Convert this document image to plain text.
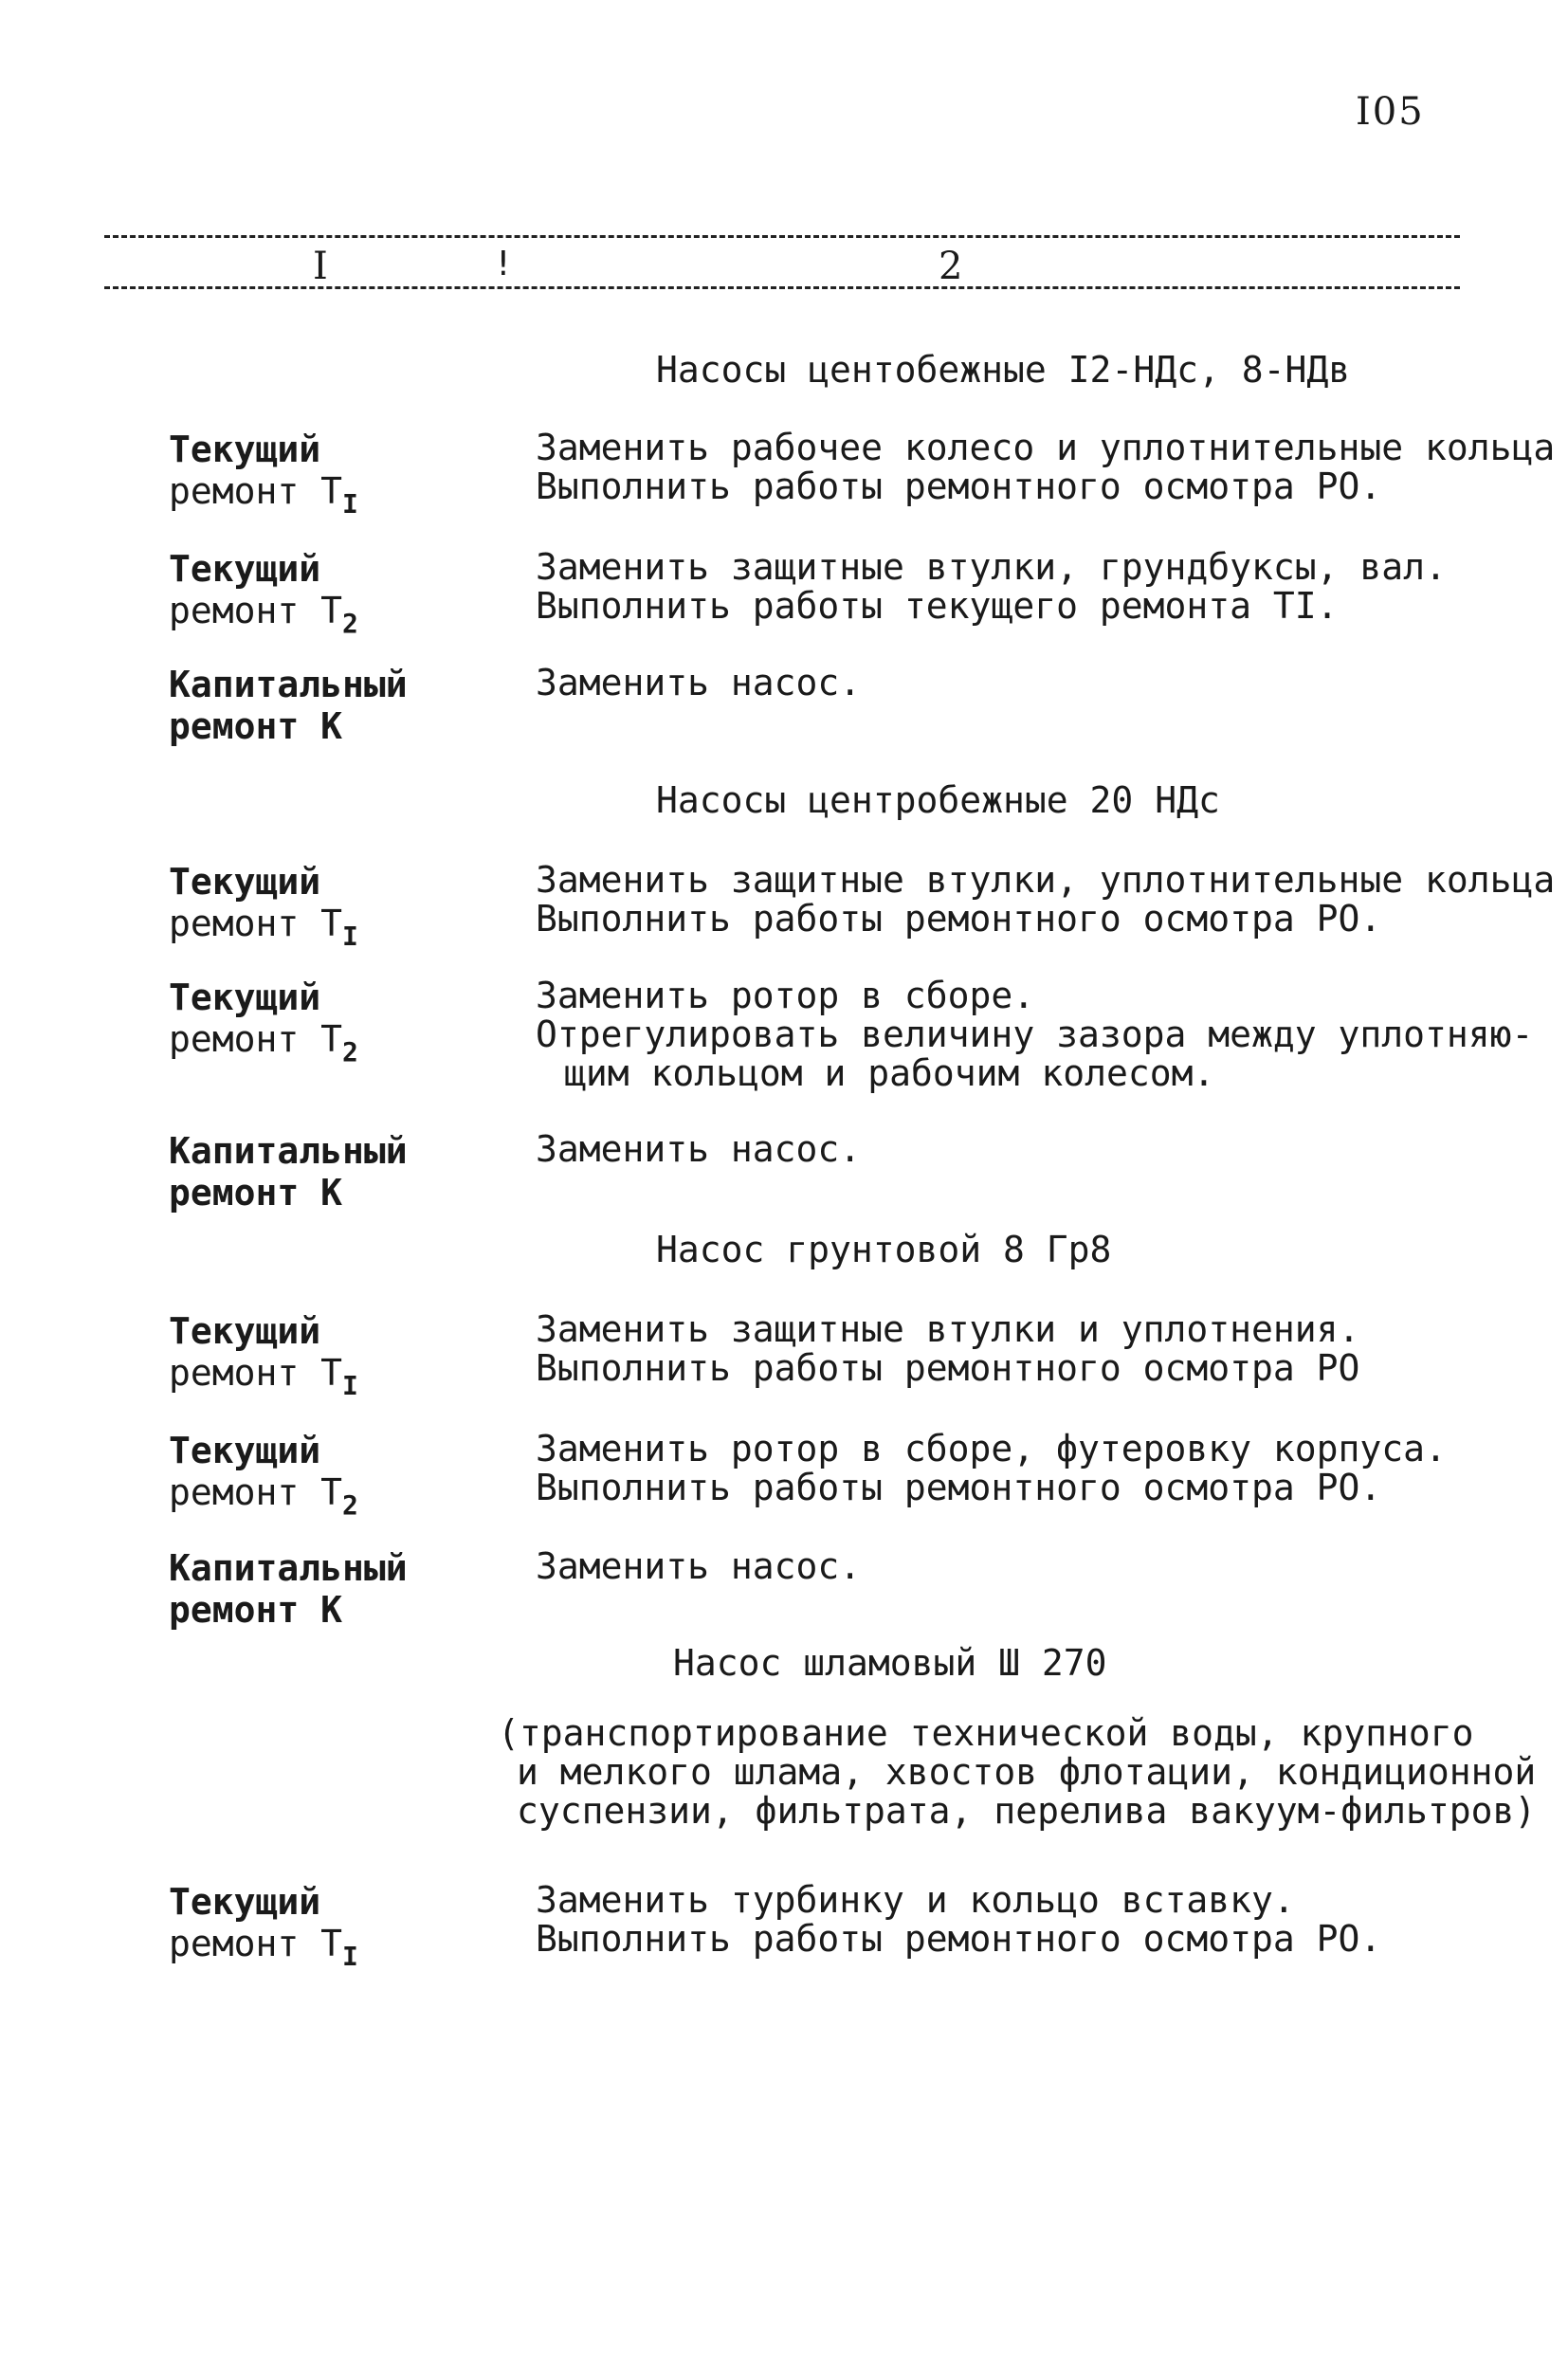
I05
I	!	2
Насосы центобежные I2-НДс, 8-НДв
Текущий
ремонт $Т_I$
Заменить рабочее колесо и уплотнительные кольца
Выполнить работы ремонтного осмотра РО.
Текущий
ремонт $Т_2$
Заменить защитные втулки, грундбуксы, вал.
Выполнить работы текущего ремонта ТI.
Капитальный
ремонт К
Заменить насос.
Насосы центробежные 20 НДс
Текущий
ремонт $Т_I$
Заменить защитные втулки, уплотнительные кольца
Выполнить работы ремонтного осмотра РО.
Текущий
ремонт $Т_2$
Заменить ротор в сборе.
Отрегулировать величину зазора между уплотняю-
щим кольцом и рабочим колесом.
Капитальный
ремонт К
Заменить насос.
Насос грунтовой 8 Гр8
Текущий
ремонт $Т_I$
Заменить защитные втулки и уплотнения.
Выполнить работы ремонтного осмотра РО
Текущий
ремонт $Т_2$
Заменить ротор в сборе, футеровку корпуса.
Выполнить работы ремонтного осмотра РО.
Капитальный
ремонт К
Заменить насос.
Насос шламовый Ш 270
(транспортирование технической воды, крупного
и мелкого шлама, хвостов флотации, кондиционной
суспензии, фильтрата, перелива вакуум-фильтров)
Текущий
ремонт $Т_I$
Заменить турбинку и кольцо вставку.
Выполнить работы ремонтного осмотра РО.
